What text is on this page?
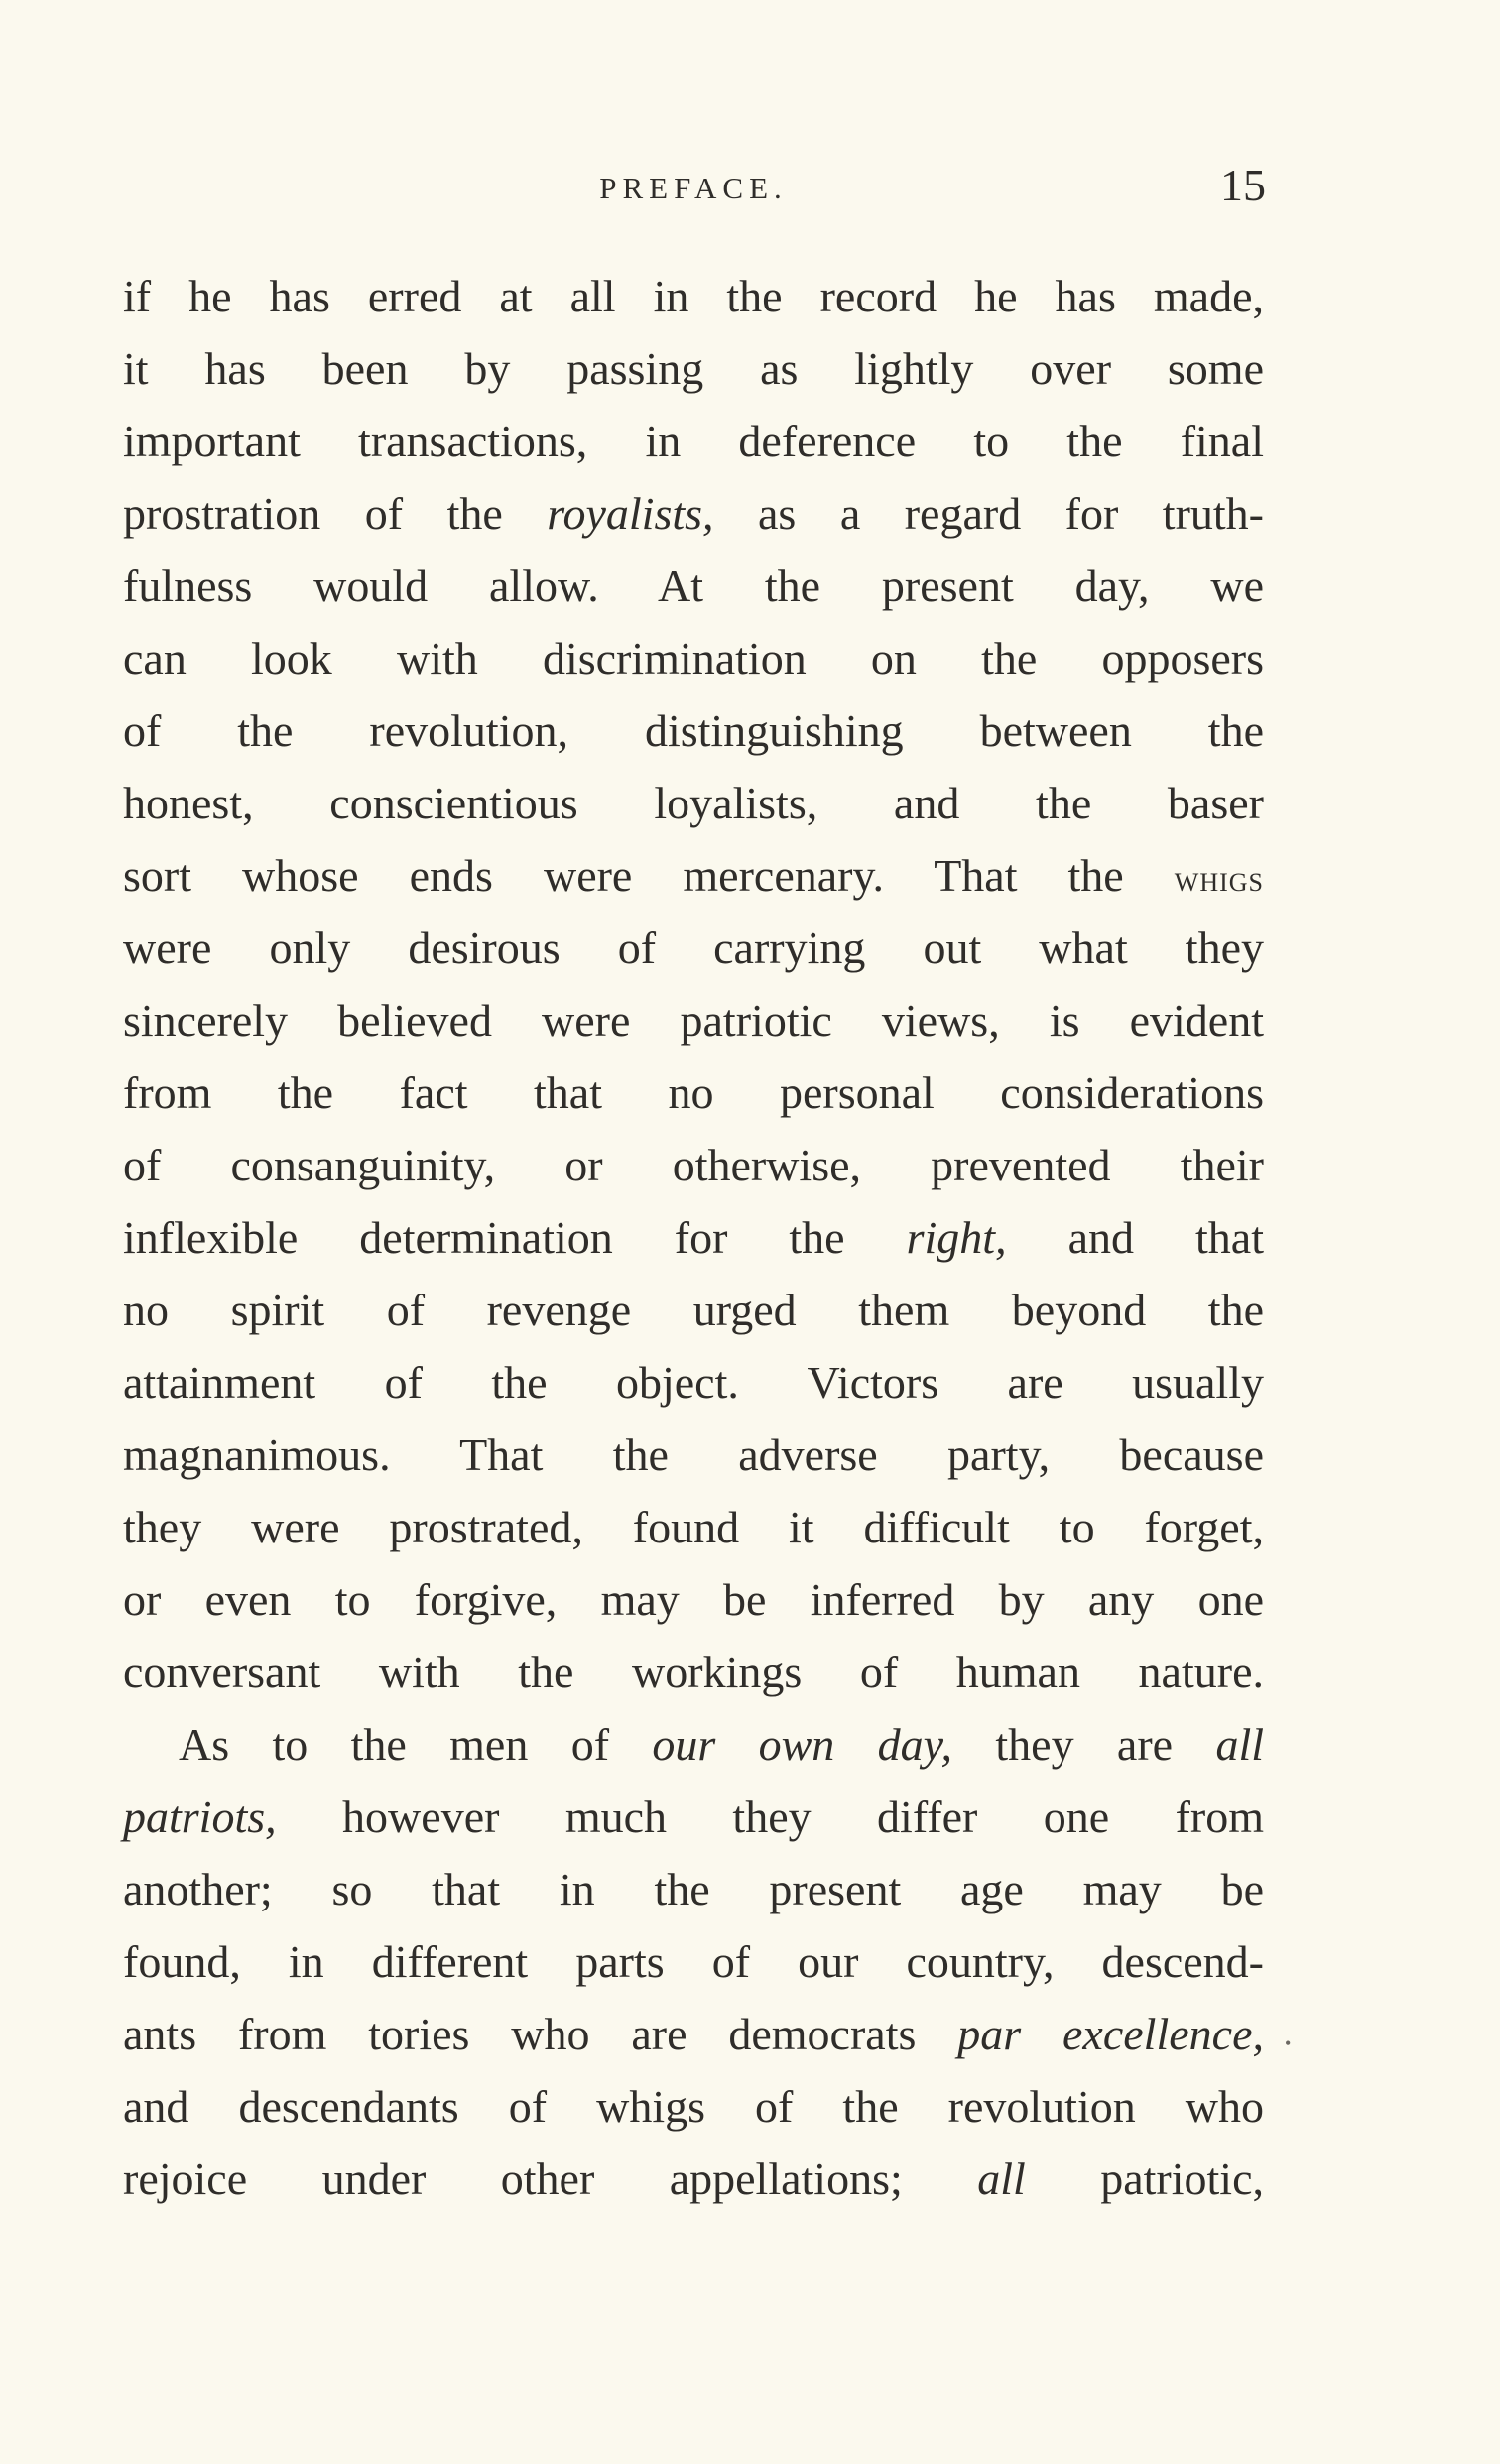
PREFACE.	15
if he has erred at all in the record he has made,
it has been by passing as lightly over some
important transactions, in deference to the final
prostration of the royalists, as a regard for truth-
fulness would allow. At the present day, we
can look with discrimination on the opposers
of the revolution, distinguishing between the
honest, conscientious loyalists, and the baser
sort whose ends were mercenary. That the whigs
were only desirous of carrying out what they
sincerely believed were patriotic views, is evident
from the fact that no personal considerations
of consanguinity, or otherwise, prevented their
inflexible determination for the right, and that
no spirit of revenge urged them beyond the
attainment of the object. Victors are usually
magnanimous. That the adverse party, because
they were prostrated, found it difficult to forget,
or even to forgive, may be inferred by any one
conversant with the workings of human nature.
As to the men of our own day, they are all
patriots, however much they differ one from
another; so that in the present age may be
found, in different parts of our country, descend-
ants from tories who are democrats par excellence,
and descendants of whigs of the revolution who
rejoice under other appellations; all patriotic,
•
